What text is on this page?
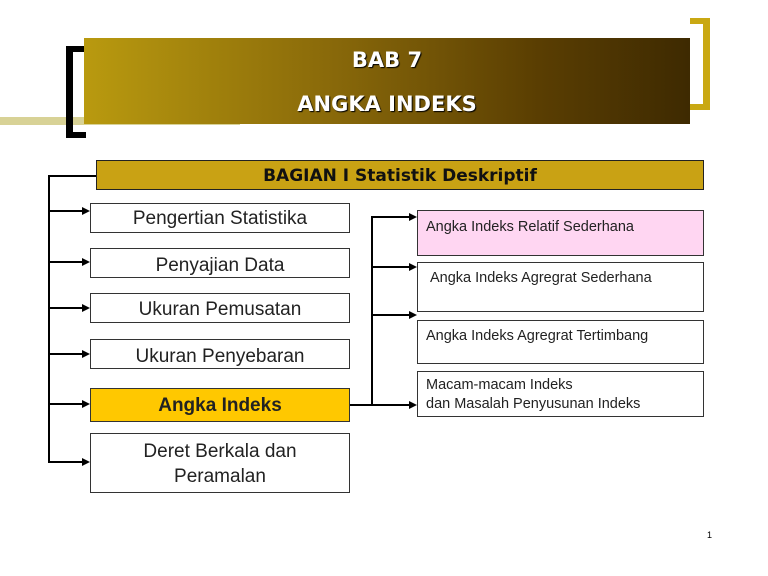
BAB 7
ANGKA INDEKS
BAGIAN I Statistik Deskriptif
Pengertian Statistika
Penyajian Data
Ukuran Pemusatan
Ukuran Penyebaran
Angka Indeks
Deret Berkala dan Peramalan
Angka Indeks Relatif Sederhana
Angka Indeks Agregrat Sederhana
Angka Indeks Agregrat Tertimbang
Macam-macam Indeks
dan Masalah Penyusunan Indeks
1
